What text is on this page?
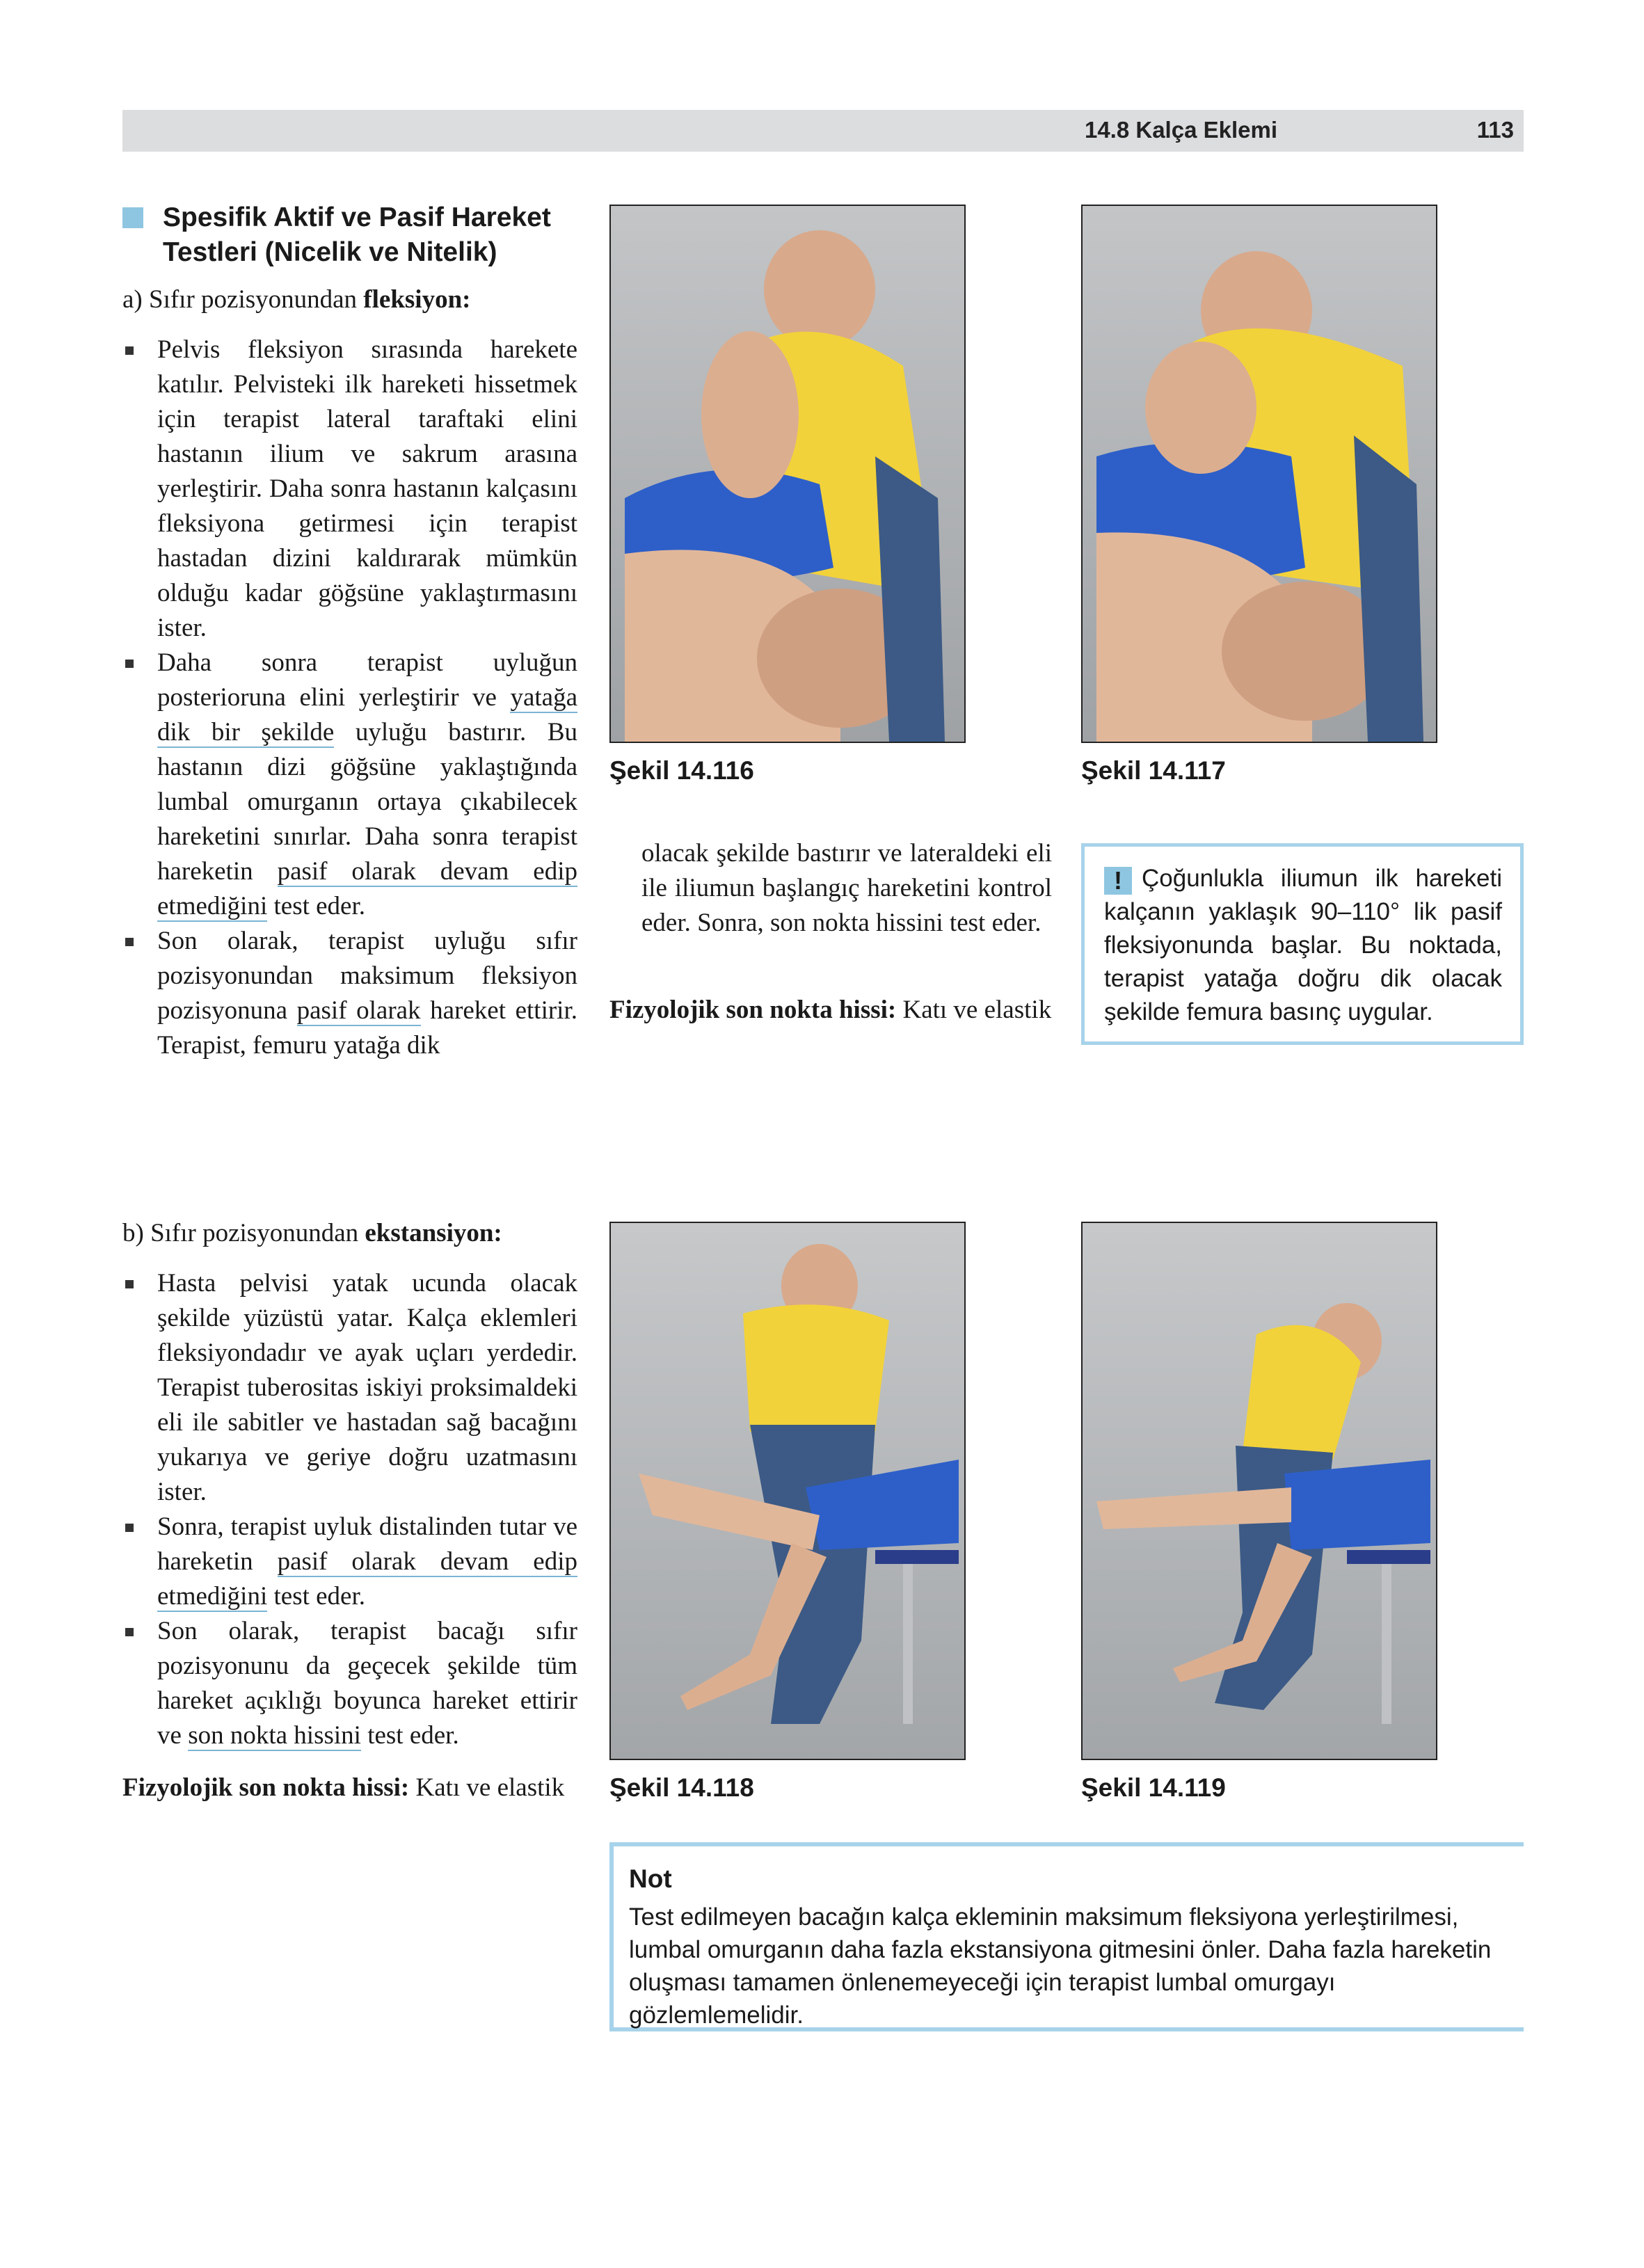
14.8 Kalça Eklemi	113
Spesifik Aktif ve Pasif Hareket Testleri (Nicelik ve Nitelik)
a) Sıfır pozisyonundan fleksiyon:
Pelvis fleksiyon sırasında harekete katılır. Pelvisteki ilk hareketi hissetmek için terapist lateral taraftaki elini hastanın ilium ve sakrum arasına yerleştirir. Daha sonra hastanın kalçasını fleksiyona getirmesi için terapist hastadan dizini kaldırarak mümkün olduğu kadar göğsüne yaklaştırmasını ister.
Daha sonra terapist uyluğun posterioruna elini yerleştirir ve yatağa dik bir şekilde uyluğu bastırır. Bu hastanın dizi göğsüne yaklaştığında lumbal omurganın ortaya çıkabilecek hareketini sınırlar. Daha sonra terapist hareketin pasif olarak devam edip etmediğini test eder.
Son olarak, terapist uyluğu sıfır pozisyonundan maksimum fleksiyon pozisyonuna pasif olarak hareket ettirir. Terapist, femuru yatağa dik
Şekil 14.116	Şekil 14.117
olacak şekilde bastırır ve lateraldeki eli ile iliumun başlangıç hareketini kontrol eder. Sonra, son nokta hissini test eder.
Fizyolojik son nokta hissi: Katı ve elastik
! Çoğunlukla iliumun ilk hareketi kalçanın yaklaşık 90–110° lik pasif fleksiyonunda başlar. Bu noktada, terapist yatağa doğru dik olacak şekilde femura basınç uygular.
b) Sıfır pozisyonundan ekstansiyon:
Hasta pelvisi yatak ucunda olacak şekilde yüzüstü yatar. Kalça eklemleri fleksiyondadır ve ayak uçları yerdedir. Terapist tuberositas iskiyi proksimaldeki eli ile sabitler ve hastadan sağ bacağını yukarıya ve geriye doğru uzatmasını ister.
Sonra, terapist uyluk distalinden tutar ve hareketin pasif olarak devam edip etmediğini test eder.
Son olarak, terapist bacağı sıfır pozisyonunu da geçecek şekilde tüm hareket açıklığı boyunca hareket ettirir ve son nokta hissini test eder.
Fizyolojik son nokta hissi: Katı ve elastik	Şekil 14.118	Şekil 14.119
Not
Test edilmeyen bacağın kalça ekleminin maksimum fleksiyona yerleştirilmesi, lumbal omurganın daha fazla ekstansiyona gitmesini önler. Daha fazla hareketin oluşması tamamen önlenemeyeceği için terapist lumbal omurgayı gözlemlemelidir.
